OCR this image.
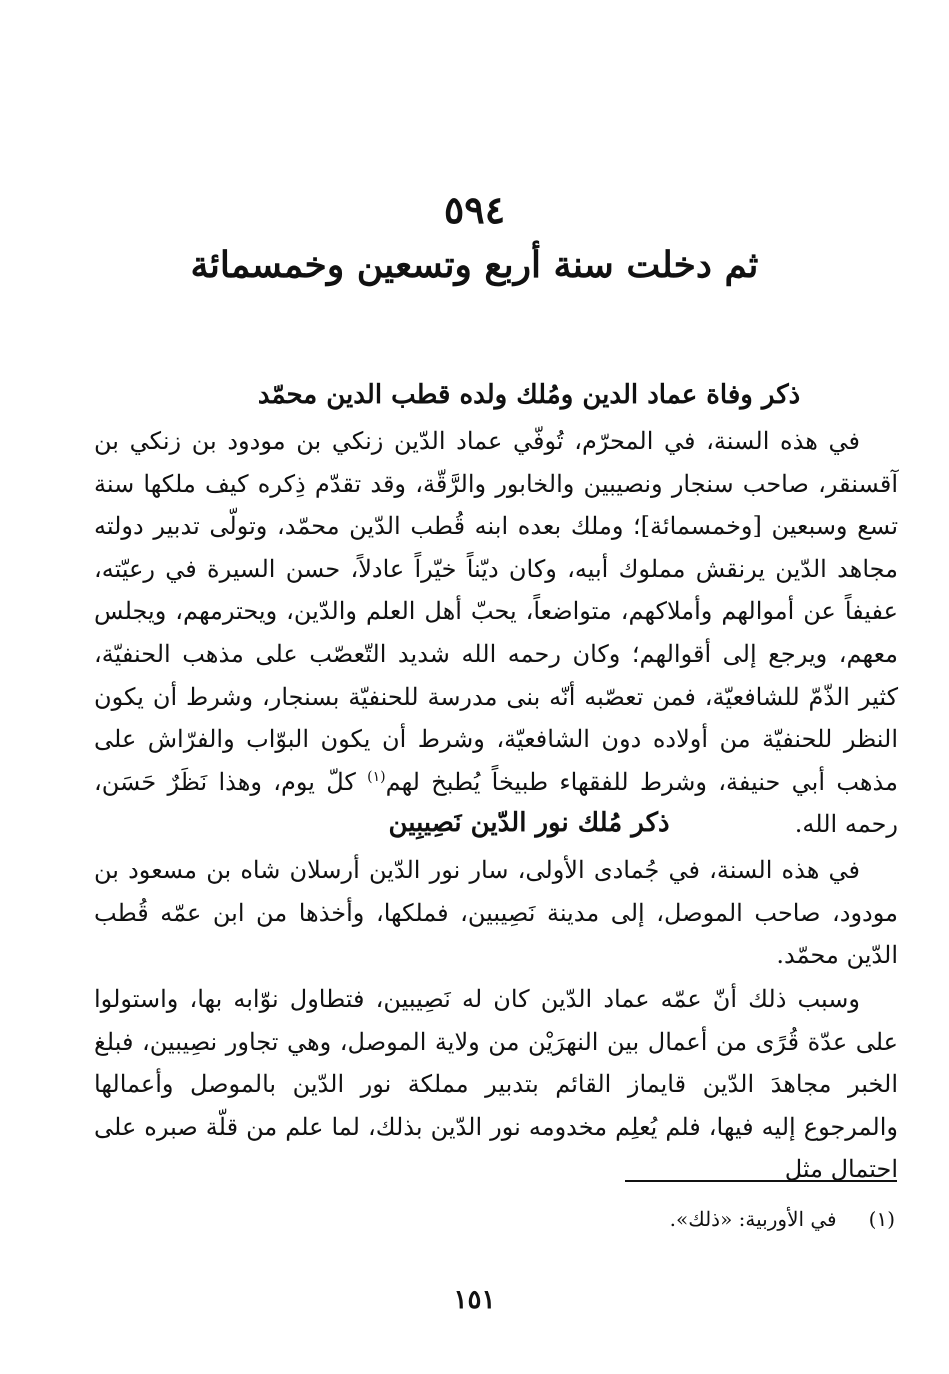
٥٩٤
ثم دخلت سنة أربع وتسعين وخمسمائة
ذكر وفاة عماد الدين ومُلك ولده قطب الدين محمّد
في هذه السنة، في المحرّم، تُوفّي عماد الدّين زنكي بن مودود بن زنكي بن آقسنقر، صاحب سنجار ونصيبين والخابور والرَّقّة، وقد تقدّم ذِكره كيف ملكها سنة تسع وسبعين [وخمسمائة]؛ وملك بعده ابنه قُطب الدّين محمّد، وتولّى تدبير دولته مجاهد الدّين يرنقش مملوك أبيه، وكان ديّناً خيّراً عادلاً، حسن السيرة في رعيّته، عفيفاً عن أموالهم وأملاكهم، متواضعاً، يحبّ أهل العلم والدّين، ويحترمهم، ويجلس معهم، ويرجع إلى أقوالهم؛ وكان رحمه الله شديد التّعصّب على مذهب الحنفيّة، كثير الذّمّ للشافعيّة، فمن تعصّبه أنّه بنى مدرسة للحنفيّة بسنجار، وشرط أن يكون النظر للحنفيّة من أولاده دون الشافعيّة، وشرط أن يكون البوّاب والفرّاش على مذهب أبي حنيفة، وشرط للفقهاء طبيخاً يُطبخ لهم$^{(١)}$ كلّ يوم، وهذا نَظَرٌ حَسَن، رحمه الله.
ذكر مُلك نور الدّين نَصِيبِين
في هذه السنة، في جُمادى الأولى، سار نور الدّين أرسلان شاه بن مسعود بن مودود، صاحب الموصل، إلى مدينة نَصِيبين، فملكها، وأخذها من ابن عمّه قُطب الدّين محمّد.
وسبب ذلك أنّ عمّه عماد الدّين كان له نَصِيبين، فتطاول نوّابه بها، واستولوا على عدّة قُرًى من أعمال بين النهرَيْن من ولاية الموصل، وهي تجاور نصِيبين، فبلغ الخبر مجاهدَ الدّين قايماز القائم بتدبير مملكة نور الدّين بالموصل وأعمالها والمرجوع إليه فيها، فلم يُعلِم مخدومه نور الدّين بذلك، لما علم من قلّة صبره على احتمال مثل
(١)في الأوربية: «ذلك».
١٥١
